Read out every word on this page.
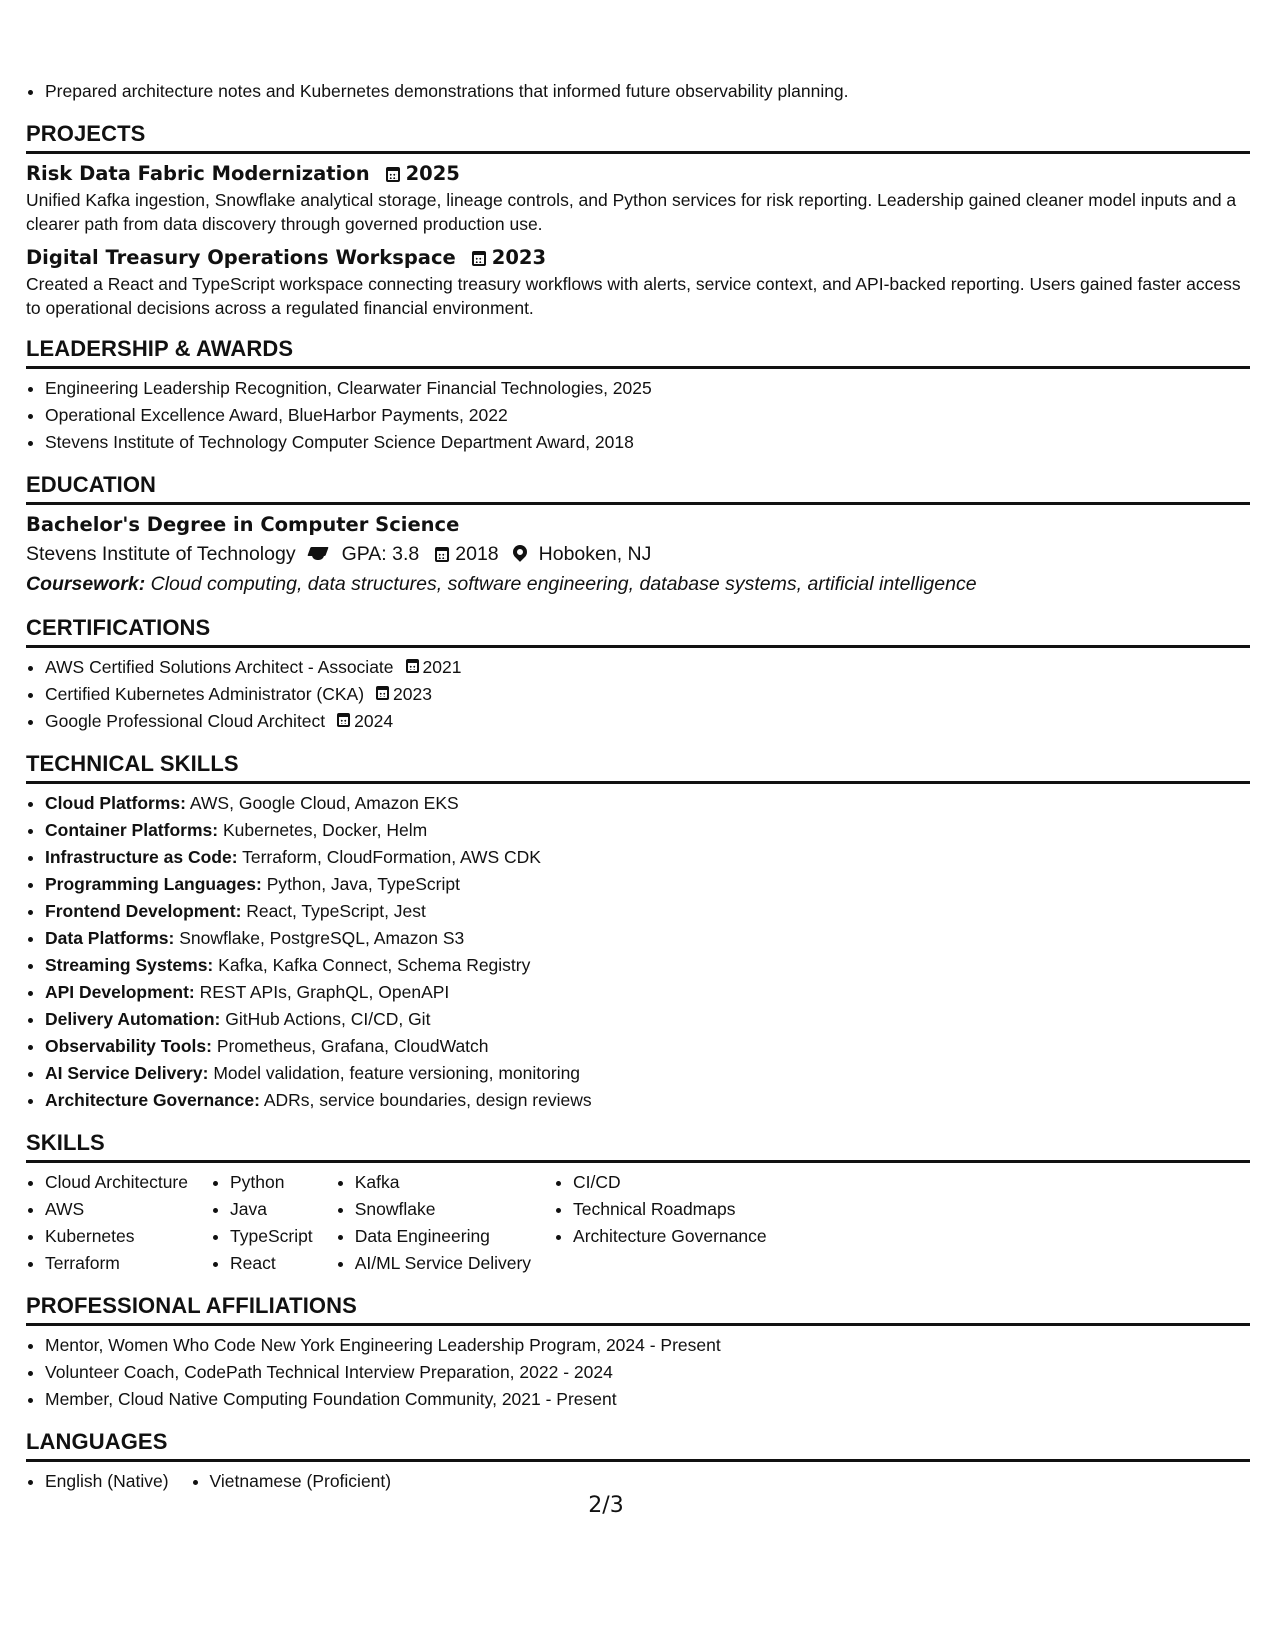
Prepared architecture notes and Kubernetes demonstrations that informed future observability planning.
PROJECTS
Risk Data Fabric Modernization 2025
Unified Kafka ingestion, Snowflake analytical storage, lineage controls, and Python services for risk reporting. Leadership gained cleaner model inputs and a clearer path from data discovery through governed production use.
Digital Treasury Operations Workspace 2023
Created a React and TypeScript workspace connecting treasury workflows with alerts, service context, and API-backed reporting. Users gained faster access to operational decisions across a regulated financial environment.
LEADERSHIP & AWARDS
Engineering Leadership Recognition, Clearwater Financial Technologies, 2025
Operational Excellence Award, BlueHarbor Payments, 2022
Stevens Institute of Technology Computer Science Department Award, 2018
EDUCATION
Bachelor's Degree in Computer Science
Stevens Institute of Technology GPA: 3.8 2018 Hoboken, NJ
Coursework: Cloud computing, data structures, software engineering, database systems, artificial intelligence
CERTIFICATIONS
AWS Certified Solutions Architect - Associate 2021
Certified Kubernetes Administrator (CKA) 2023
Google Professional Cloud Architect 2024
TECHNICAL SKILLS
Cloud Platforms: AWS, Google Cloud, Amazon EKS
Container Platforms: Kubernetes, Docker, Helm
Infrastructure as Code: Terraform, CloudFormation, AWS CDK
Programming Languages: Python, Java, TypeScript
Frontend Development: React, TypeScript, Jest
Data Platforms: Snowflake, PostgreSQL, Amazon S3
Streaming Systems: Kafka, Kafka Connect, Schema Registry
API Development: REST APIs, GraphQL, OpenAPI
Delivery Automation: GitHub Actions, CI/CD, Git
Observability Tools: Prometheus, Grafana, CloudWatch
AI Service Delivery: Model validation, feature versioning, monitoring
Architecture Governance: ADRs, service boundaries, design reviews
SKILLS
Cloud Architecture
AWS
Kubernetes
Terraform
Python
Java
TypeScript
React
Kafka
Snowflake
Data Engineering
AI/ML Service Delivery
CI/CD
Technical Roadmaps
Architecture Governance
PROFESSIONAL AFFILIATIONS
Mentor, Women Who Code New York Engineering Leadership Program, 2024 - Present
Volunteer Coach, CodePath Technical Interview Preparation, 2022 - 2024
Member, Cloud Native Computing Foundation Community, 2021 - Present
LANGUAGES
English (Native)	Vietnamese (Proficient)
2/3
